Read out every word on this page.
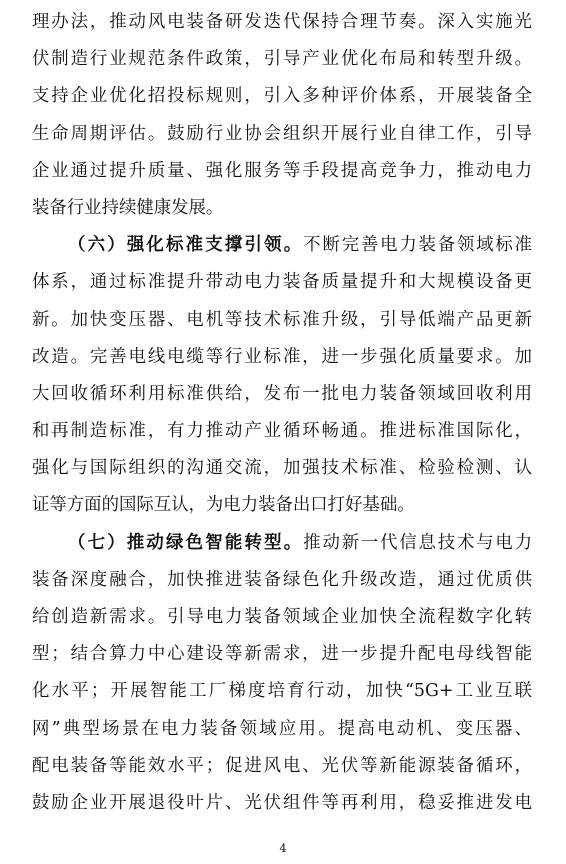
理办法，推动风电装备研发迭代保持合理节奏。深入实施光
伏制造行业规范条件政策，引导产业优化布局和转型升级。
支持企业优化招投标规则，引入多种评价体系，开展装备全
生命周期评估。鼓励行业协会组织开展行业自律工作，引导
企业通过提升质量、强化服务等手段提高竞争力，推动电力
装备行业持续健康发展。
（六）强化标准支撑引领。不断完善电力装备领域标准
体系，通过标准提升带动电力装备质量提升和大规模设备更
新。加快变压器、电机等技术标准升级，引导低端产品更新
改造。完善电线电缆等行业标准，进一步强化质量要求。加
大回收循环利用标准供给，发布一批电力装备领域回收利用
和再制造标准，有力推动产业循环畅通。推进标准国际化，
强化与国际组织的沟通交流，加强技术标准、检验检测、认
证等方面的国际互认，为电力装备出口打好基础。
（七）推动绿色智能转型。推动新一代信息技术与电力
装备深度融合，加快推进装备绿色化升级改造，通过优质供
给创造新需求。引导电力装备领域企业加快全流程数字化转
型；结合算力中心建设等新需求，进一步提升配电母线智能
化水平；开展智能工厂梯度培育行动，加快“5G+工业互联
网”典型场景在电力装备领域应用。提高电动机、变压器、
配电装备等能效水平；促进风电、光伏等新能源装备循环，
鼓励企业开展退役叶片、光伏组件等再利用，稳妥推进发电
4
